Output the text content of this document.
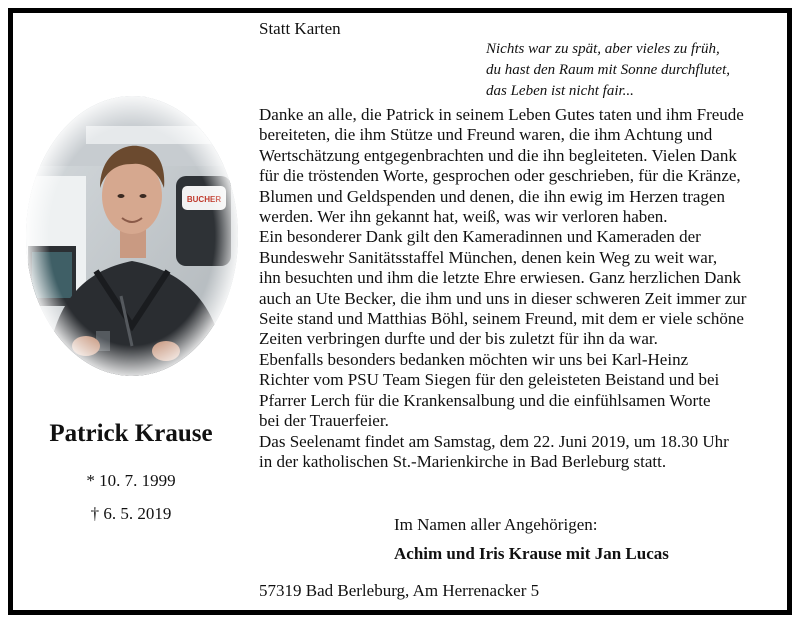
Statt Karten
Nichts war zu spät, aber vieles zu früh,
du hast den Raum mit Sonne durchflutet,
das Leben ist nicht fair...
Patrick Krause
* 10. 7. 1999
† 6. 5. 2019
Danke an alle, die Patrick in seinem Leben Gutes taten und ihm Freude
bereiteten, die ihm Stütze und Freund waren, die ihm Achtung und
Wertschätzung entgegenbrachten und die ihn begleiteten. Vielen Dank
für die tröstenden Worte, gesprochen oder geschrieben, für die Kränze,
Blumen und Geldspenden und denen, die ihn ewig im Herzen tragen
werden. Wer ihn gekannt hat, weiß, was wir verloren haben.
Ein besonderer Dank gilt den Kameradinnen und Kameraden der
Bundeswehr Sanitätsstaffel München, denen kein Weg zu weit war,
ihn besuchten und ihm die letzte Ehre erwiesen. Ganz herzlichen Dank
auch an Ute Becker, die ihm und uns in dieser schweren Zeit immer zur
Seite stand und Matthias Böhl, seinem Freund, mit dem er viele schöne
Zeiten verbringen durfte und der bis zuletzt für ihn da war.
Ebenfalls besonders bedanken möchten wir uns bei Karl-Heinz
Richter vom PSU Team Siegen für den geleisteten Beistand und bei
Pfarrer Lerch für die Krankensalbung und die einfühlsamen Worte
bei der Trauerfeier.
Das Seelenamt findet am Samstag, dem 22. Juni 2019, um 18.30 Uhr
in der katholischen St.-Marienkirche in Bad Berleburg statt.
Im Namen aller Angehörigen:
Achim und Iris Krause mit Jan Lucas
57319 Bad Berleburg, Am Herrenacker 5
